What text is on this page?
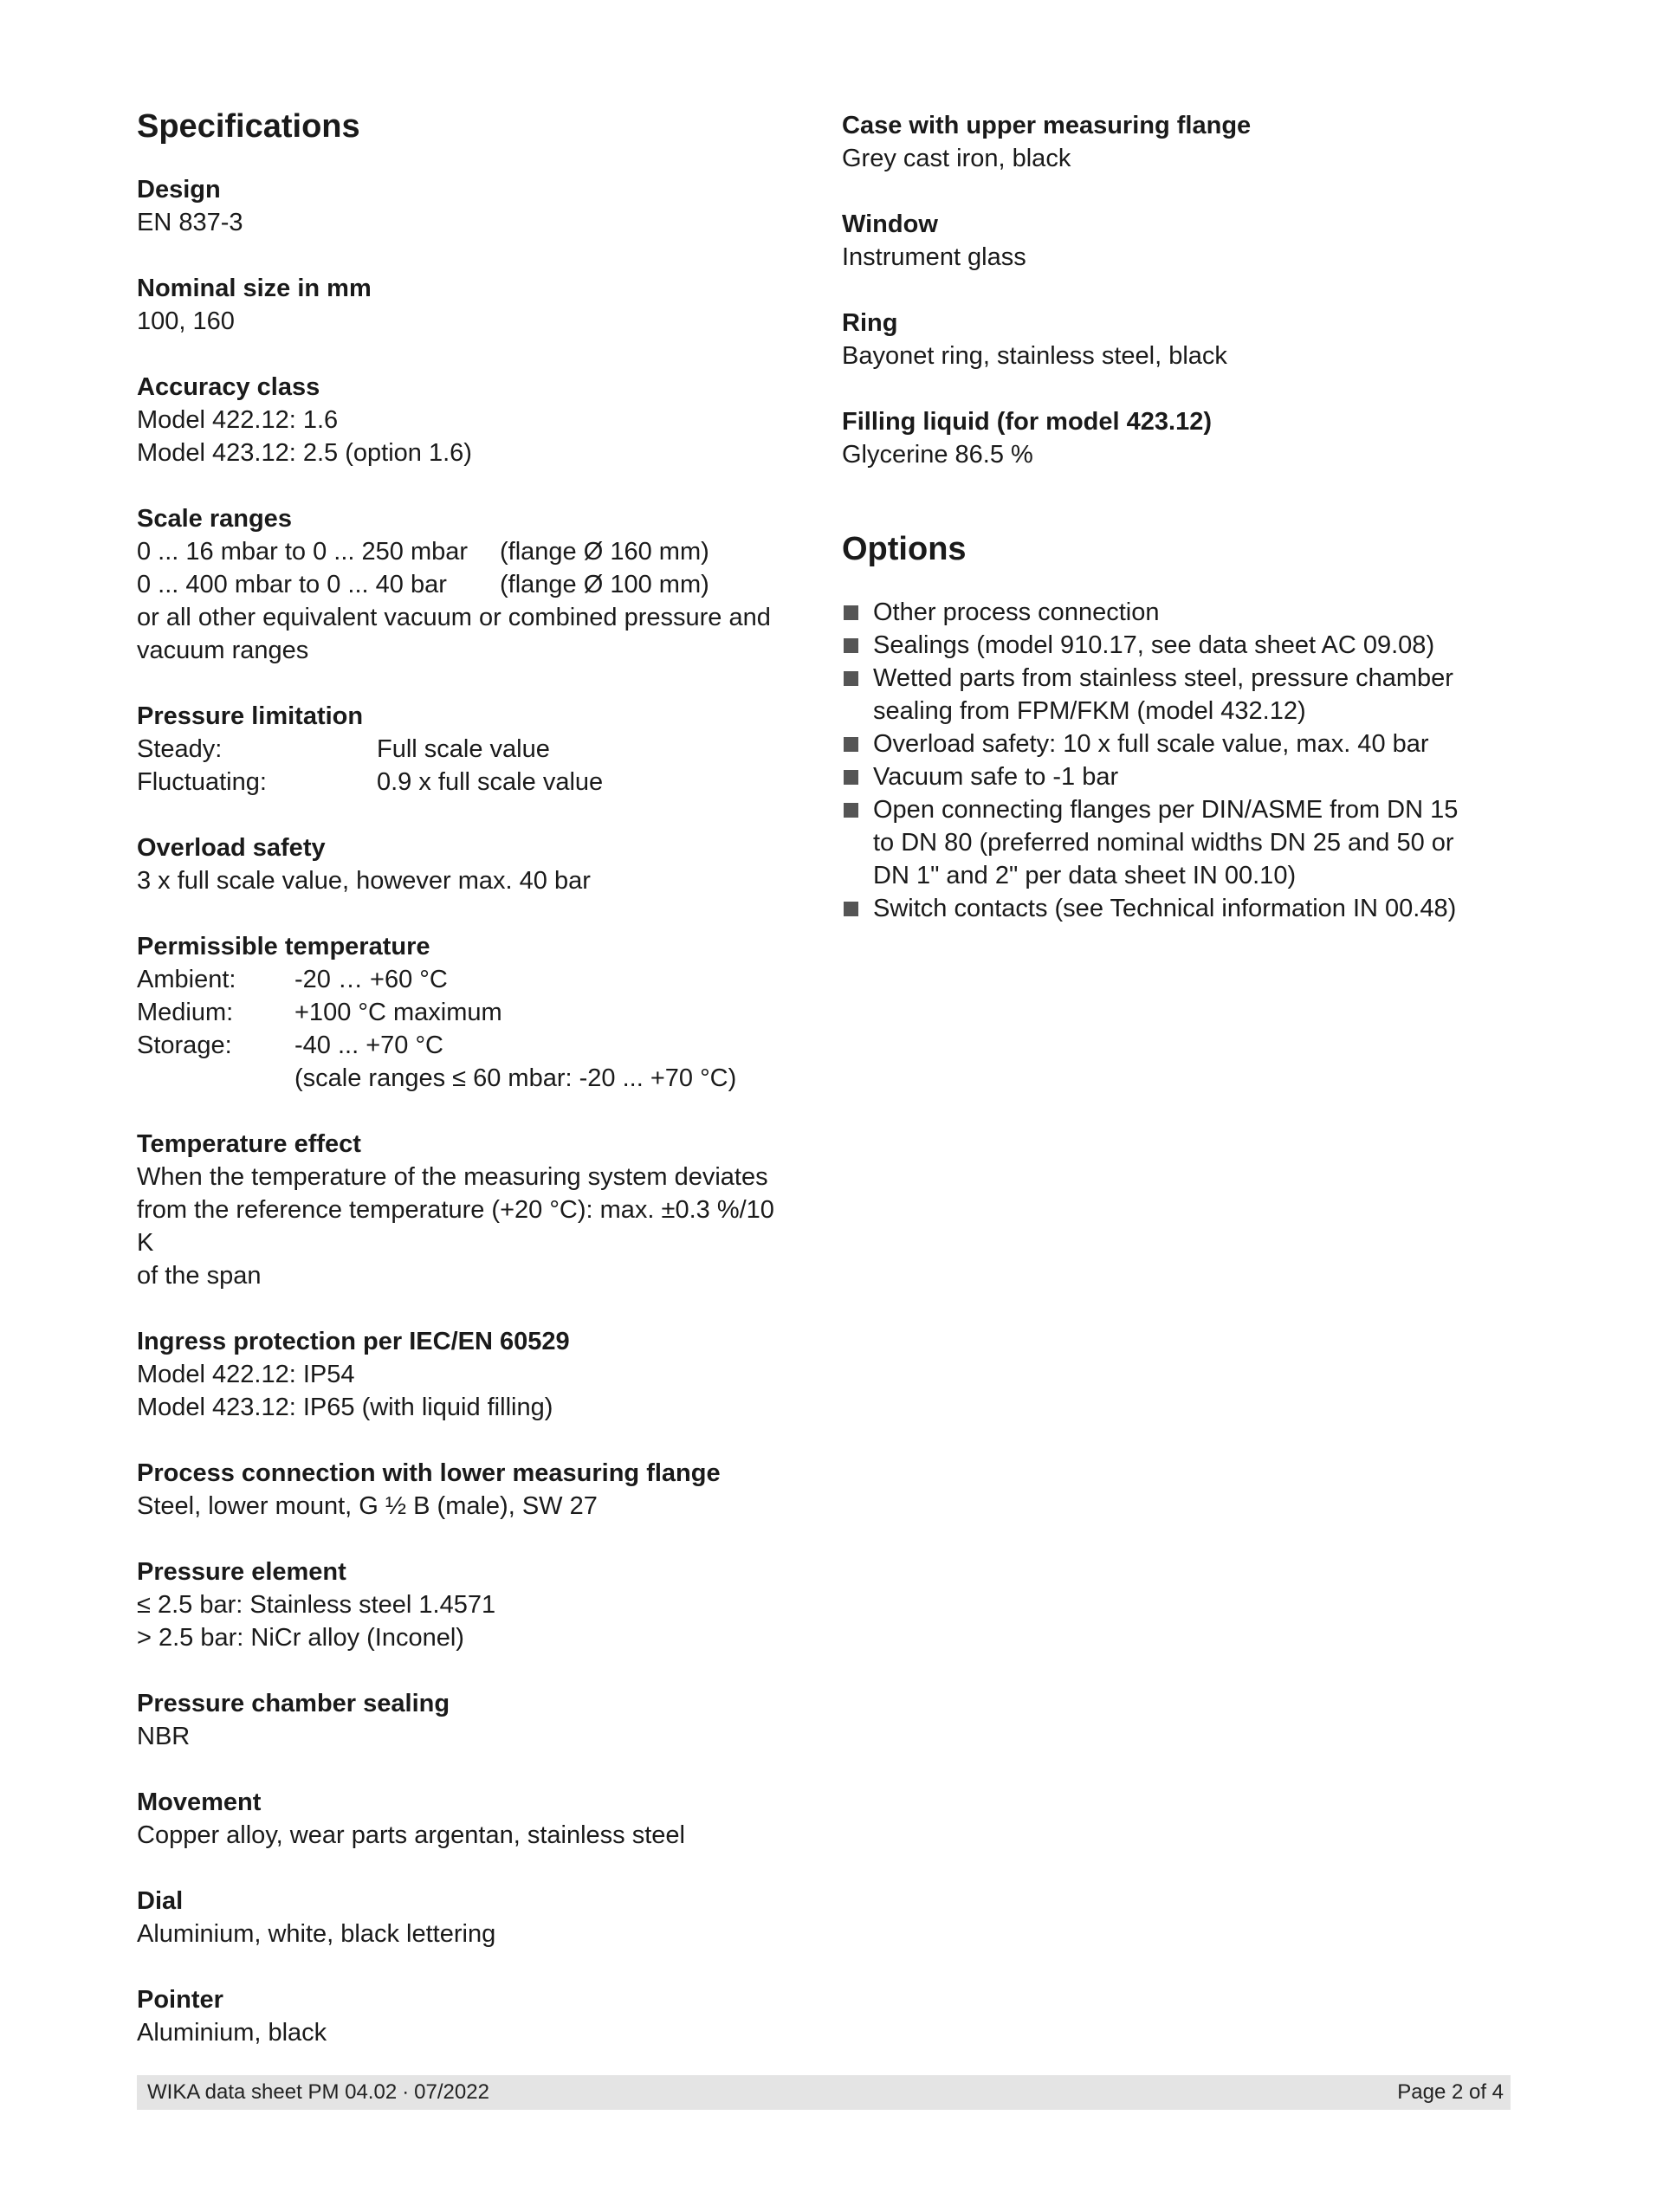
Specifications
Design
EN 837-3
Nominal size in mm
100, 160
Accuracy class
Model 422.12: 1.6
Model 423.12: 2.5 (option 1.6)
Scale ranges
0 ... 16 mbar to 0 ... 250 mbar	(flange Ø 160 mm)
0 ... 400 mbar to 0 ... 40 bar	(flange Ø 100 mm)
or all other equivalent vacuum or combined pressure and
vacuum ranges
Pressure limitation
Steady:	Full scale value
Fluctuating:	0.9 x full scale value
Overload safety
3 x full scale value, however max. 40 bar
Permissible temperature
Ambient:	-20 … +60 °C
Medium:	+100 °C maximum
Storage:	-40 ... +70 °C
(scale ranges ≤ 60 mbar: -20 ... +70 °C)
Temperature effect
When the temperature of the measuring system deviates
from the reference temperature (+20 °C): max. ±0.3 %/10 K
of the span
Ingress protection per IEC/EN 60529
Model 422.12: IP54
Model 423.12: IP65 (with liquid filling)
Process connection with lower measuring flange
Steel, lower mount, G ½ B (male), SW 27
Pressure element
≤ 2.5 bar: Stainless steel 1.4571
> 2.5 bar: NiCr alloy (Inconel)
Pressure chamber sealing
NBR
Movement
Copper alloy, wear parts argentan, stainless steel
Dial
Aluminium, white, black lettering
Pointer
Aluminium, black
Case with upper measuring flange
Grey cast iron, black
Window
Instrument glass
Ring
Bayonet ring, stainless steel, black
Filling liquid (for model 423.12)
Glycerine 86.5 %
Options
Other process connection
Sealings (model 910.17, see data sheet AC 09.08)
Wetted parts from stainless steel, pressure chamber
sealing from FPM/FKM (model 432.12)
Overload safety: 10 x full scale value, max. 40 bar
Vacuum safe to -1 bar
Open connecting flanges per DIN/ASME from DN 15
to DN 80 (preferred nominal widths DN 25 and 50 or
DN 1" and 2" per data sheet IN 00.10)
Switch contacts (see Technical information IN 00.48)
WIKA data sheet PM 04.02 ∙ 07/2022	Page 2 of 4
